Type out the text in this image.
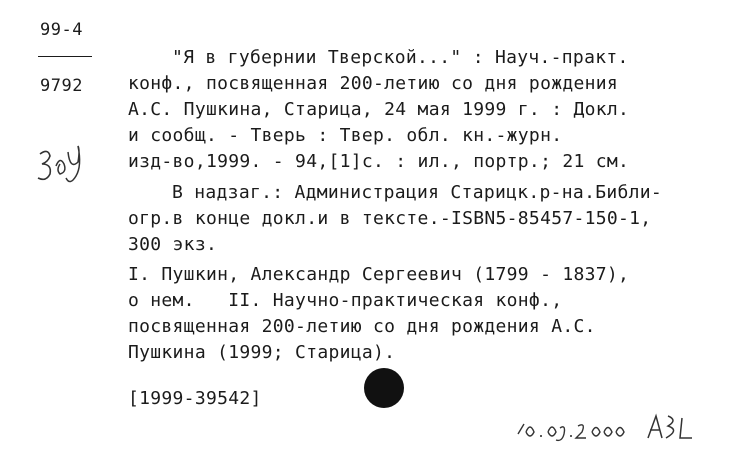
99-4
9792
"Я в губернии Тверской..." : Науч.-практ.
конф., посвященная 200-летию со дня рождения
А.С. Пушкина, Старица, 24 мая 1999 г. : Докл.
и сообщ. - Тверь : Твер. обл. кн.-журн.
изд-во,1999. - 94,[1]с. : ил., портр.; 21 см.
В надзаг.: Администрация Старицк.р-на.Библи-
огр.в конце докл.и в тексте.-ISBN5-85457-150-1,
300 экз.
I. Пушкин, Александр Сергеевич (1799 - 1837),
о нем.   II. Научно-практическая конф.,
посвященная 200-летию со дня рождения А.С.
Пушкина (1999; Старица).
[1999-39542]
